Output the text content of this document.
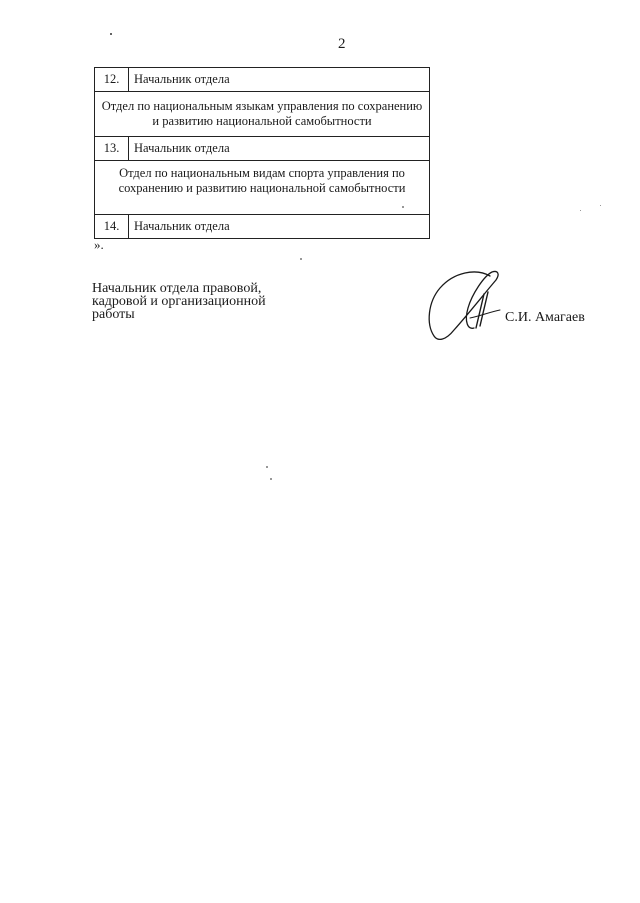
2
12.	Начальник отдела
Отдел по национальным языкам управления по сохранению и развитию национальной самобытности	
13.	Начальник отдела
Отдел по национальным видам спорта управления по сохранению и развитию национальной самобытности	
14.	Начальник отдела
».
Начальник отдела правовой,
кадровой и организационной
работы	С.И. Амагаев
